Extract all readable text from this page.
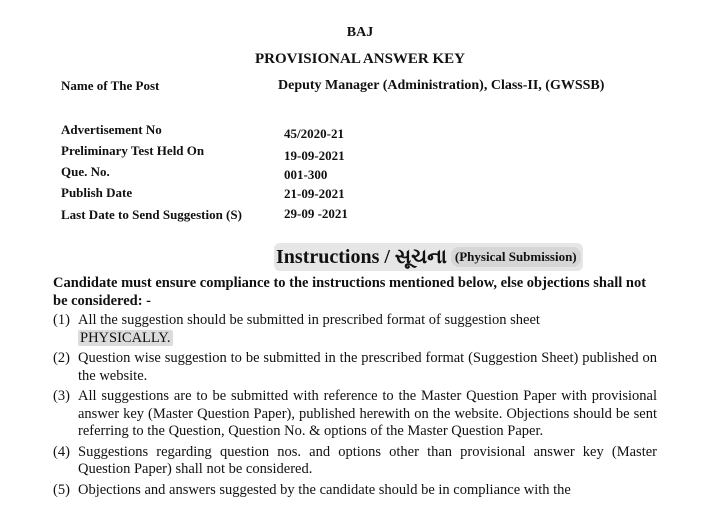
BAJ
PROVISIONAL ANSWER KEY
Name of The Post	Deputy Manager (Administration), Class-II, (GWSSB)
Advertisement No	45/2020-21
Preliminary Test Held On	19-09-2021
Que. No.	001-300
Publish Date	21-09-2021
Last Date to Send Suggestion (S)	29-09 -2021
Instructions / સૂચના (Physical Submission)
Candidate must ensure compliance to the instructions mentioned below, else objections shall not be considered: -
(1) All the suggestion should be submitted in prescribed format of suggestion sheet
PHYSICALLY.
(2) Question wise suggestion to be submitted in the prescribed format (Suggestion Sheet) published on the website.
(3) All suggestions are to be submitted with reference to the Master Question Paper with provisional answer key (Master Question Paper), published herewith on the website. Objections should be sent referring to the Question, Question No. & options of the Master Question Paper.
(4) Suggestions regarding question nos. and options other than provisional answer key (Master Question Paper) shall not be considered.
(5) Objections and answers suggested by the candidate should be in compliance with the
